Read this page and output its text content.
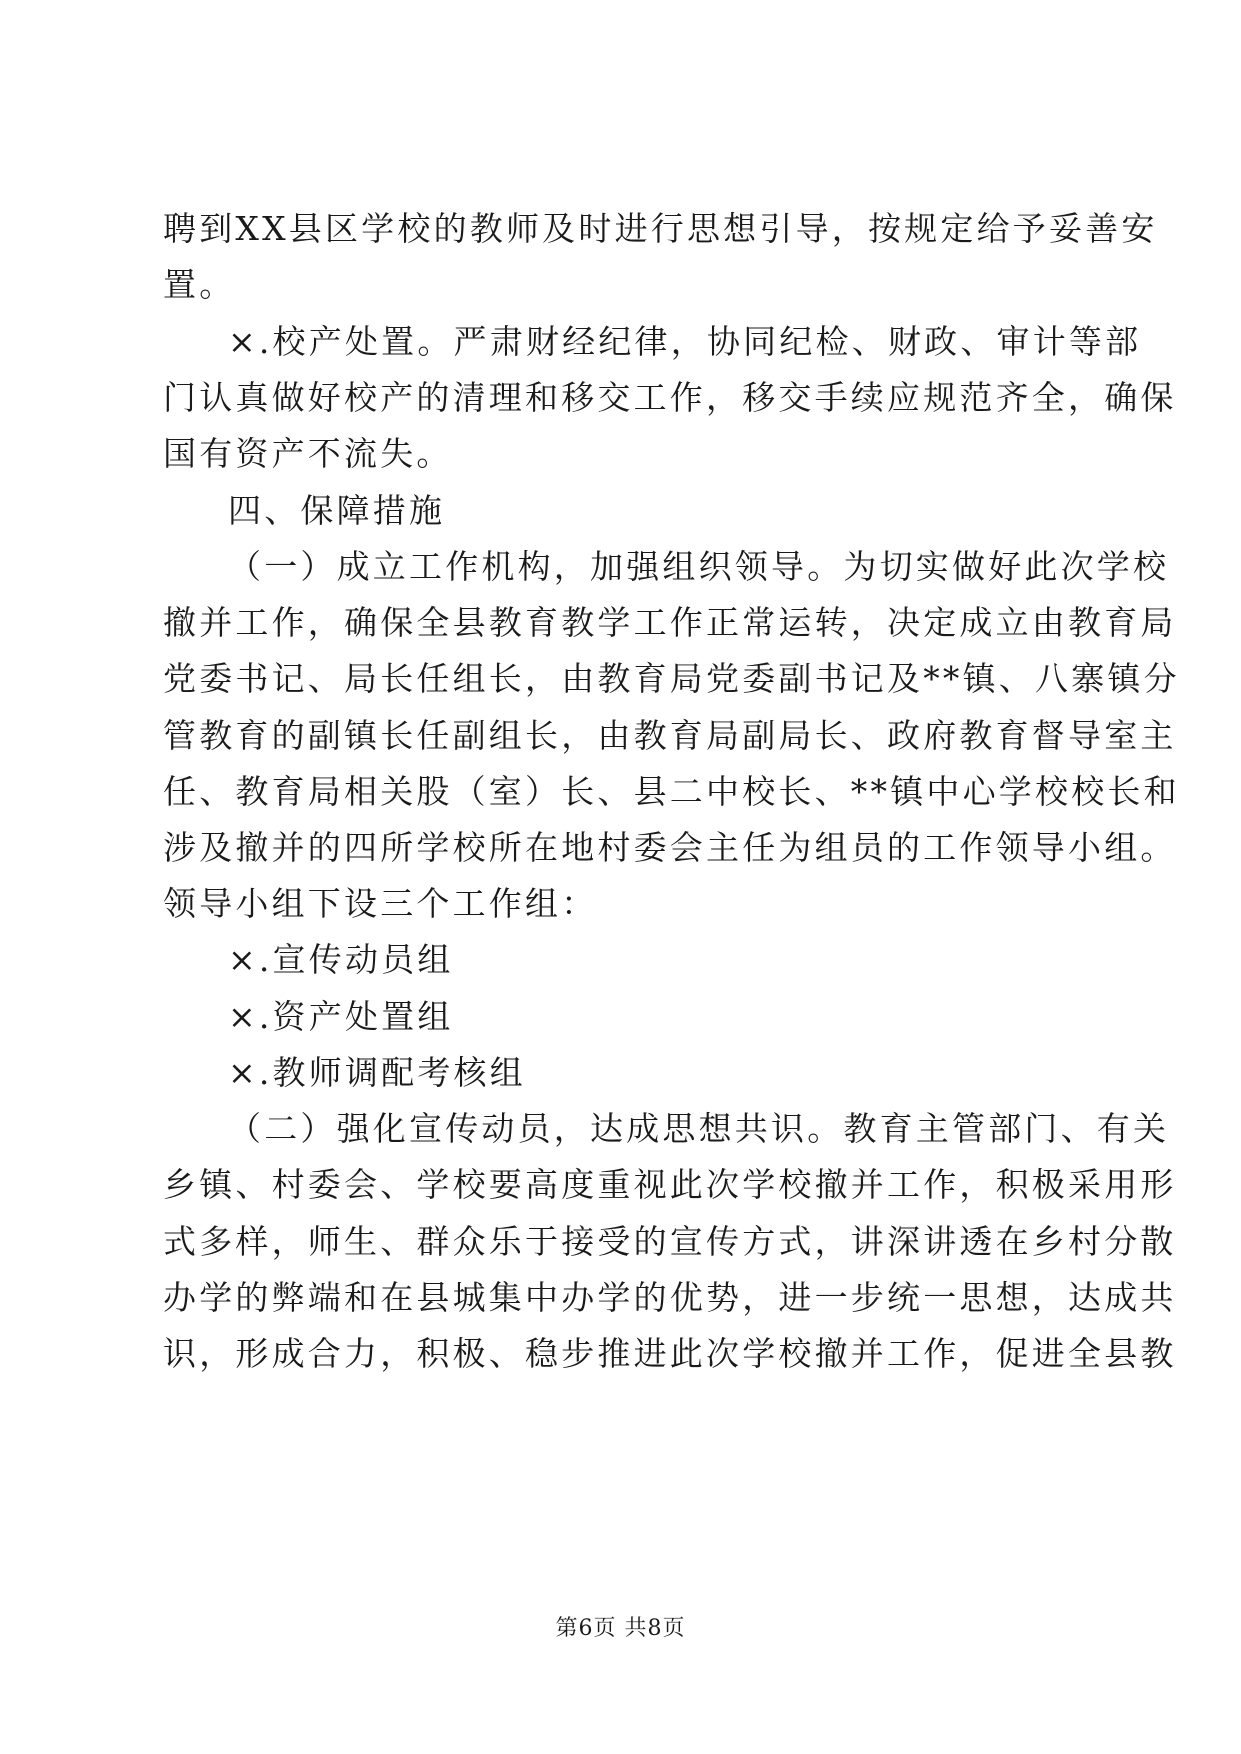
聘到XX县区学校的教师及时进行思想引导，按规定给予妥善安
置。
×.校产处置。严肃财经纪律，协同纪检、财政、审计等部
门认真做好校产的清理和移交工作，移交手续应规范齐全，确保
国有资产不流失。
四、保障措施
（一）成立工作机构，加强组织领导。为切实做好此次学校
撤并工作，确保全县教育教学工作正常运转，决定成立由教育局
党委书记、局长任组长，由教育局党委副书记及**镇、八寨镇分
管教育的副镇长任副组长，由教育局副局长、政府教育督导室主
任、教育局相关股（室）长、县二中校长、**镇中心学校校长和
涉及撤并的四所学校所在地村委会主任为组员的工作领导小组。
领导小组下设三个工作组：
×.宣传动员组
×.资产处置组
×.教师调配考核组
（二）强化宣传动员，达成思想共识。教育主管部门、有关
乡镇、村委会、学校要高度重视此次学校撤并工作，积极采用形
式多样，师生、群众乐于接受的宣传方式，讲深讲透在乡村分散
办学的弊端和在县城集中办学的优势，进一步统一思想，达成共
识，形成合力，积极、稳步推进此次学校撤并工作，促进全县教
第6页 共8页
